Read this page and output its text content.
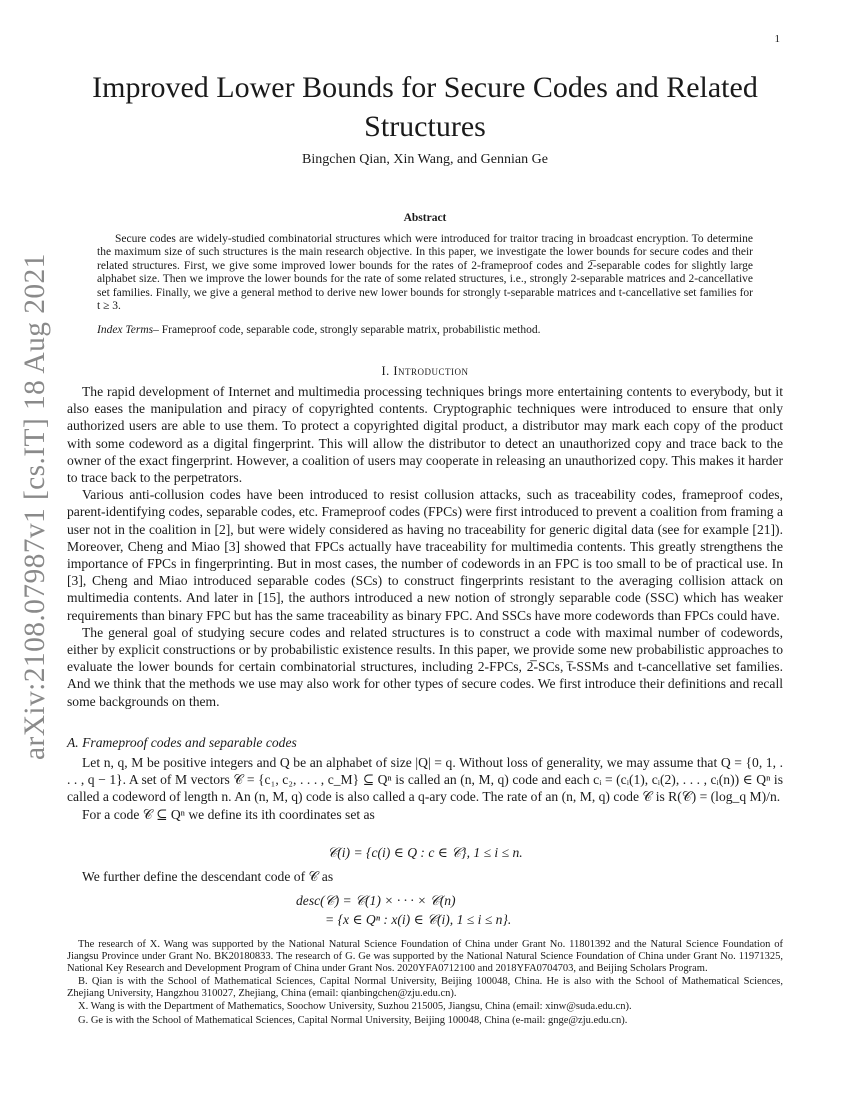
1
arXiv:2108.07987v1 [cs.IT] 18 Aug 2021
Improved Lower Bounds for Secure Codes and Related Structures
Bingchen Qian, Xin Wang, and Gennian Ge
Abstract
Secure codes are widely-studied combinatorial structures which were introduced for traitor tracing in broadcast encryption. To determine the maximum size of such structures is the main research objective. In this paper, we investigate the lower bounds for secure codes and their related structures. First, we give some improved lower bounds for the rates of 2-frameproof codes and 2̅-separable codes for slightly large alphabet size. Then we improve the lower bounds for the rate of some related structures, i.e., strongly 2-separable matrices and 2-cancellative set families. Finally, we give a general method to derive new lower bounds for strongly t-separable matrices and t-cancellative set families for t ≥ 3.
Index Terms– Frameproof code, separable code, strongly separable matrix, probabilistic method.
I. Introduction

The rapid development of Internet and multimedia processing techniques brings more entertaining contents to everybody, but it also eases the manipulation and piracy of copyrighted contents. Cryptographic techniques were introduced to ensure that only authorized users are able to use them. To protect a copyrighted digital product, a distributor may mark each copy of the product with some codeword as a digital fingerprint. This will allow the distributor to detect an unauthorized copy and trace back to the owner of the exact fingerprint. However, a coalition of users may cooperate in releasing an unauthorized copy. This makes it harder to trace back to the perpetrators.

Various anti-collusion codes have been introduced to resist collusion attacks, such as traceability codes, frameproof codes, parent-identifying codes, separable codes, etc. Frameproof codes (FPCs) were first introduced to prevent a coalition from framing a user not in the coalition in [2], but were widely considered as having no traceability for generic digital data (see for example [21]). Moreover, Cheng and Miao [3] showed that FPCs actually have traceability for multimedia contents. This greatly strengthens the importance of FPCs in fingerprinting. But in most cases, the number of codewords in an FPC is too small to be of practical use. In [3], Cheng and Miao introduced separable codes (SCs) to construct fingerprints resistant to the averaging collision attack on multimedia contents. And later in [15], the authors introduced a new notion of strongly separable code (SSC) which has weaker requirements than binary FPC but has the same traceability as binary FPC. And SSCs have more codewords than FPCs could have.

The general goal of studying secure codes and related structures is to construct a code with maximal number of codewords, either by explicit constructions or by probabilistic existence results. In this paper, we provide some new probabilistic approaches to evaluate the lower bounds for certain combinatorial structures, including 2-FPCs, 2̅-SCs, t̅-SSMs and t-cancellative set families. And we think that the methods we use may also work for other types of secure codes. We first introduce their definitions and recall some backgrounds on them.

A. Frameproof codes and separable codes

Let n, q, M be positive integers and Q be an alphabet of size |Q| = q. Without loss of generality, we may assume that Q = {0, 1, . . . , q − 1}. A set of M vectors 𝒞 = {c₁, c₂, . . . , c_M} ⊆ Qⁿ is called an (n, M, q) code and each cᵢ = (cᵢ(1), cᵢ(2), . . . , cᵢ(n)) ∈ Qⁿ is called a codeword of length n. An (n, M, q) code is also called a q-ary code. The rate of an (n, M, q) code 𝒞 is R(𝒞) = (log_q M)/n.

For a code 𝒞 ⊆ Qⁿ we define its ith coordinates set as

𝒞(i) = {c(i) ∈ Q : c ∈ 𝒞}, 1 ≤ i ≤ n.
We further define the descendant code of 𝒞 as
desc(𝒞) = 𝒞(1) × · · · × 𝒞(n)
= {x ∈ Qⁿ : x(i) ∈ 𝒞(i), 1 ≤ i ≤ n}.

The research of X. Wang was supported by the National Natural Science Foundation of China under Grant No. 11801392 and the Natural Science Foundation of Jiangsu Province under Grant No. BK20180833. The research of G. Ge was supported by the National Natural Science Foundation of China under Grant No. 11971325, National Key Research and Development Program of China under Grant Nos. 2020YFA0712100 and 2018YFA0704703, and Beijing Scholars Program.

B. Qian is with the School of Mathematical Sciences, Capital Normal University, Beijing 100048, China. He is also with the School of Mathematical Sciences, Zhejiang University, Hangzhou 310027, Zhejiang, China (email: qianbingchen@zju.edu.cn).

X. Wang is with the Department of Mathematics, Soochow University, Suzhou 215005, Jiangsu, China (email: xinw@suda.edu.cn).

G. Ge is with the School of Mathematical Sciences, Capital Normal University, Beijing 100048, China (e-mail: gnge@zju.edu.cn).
